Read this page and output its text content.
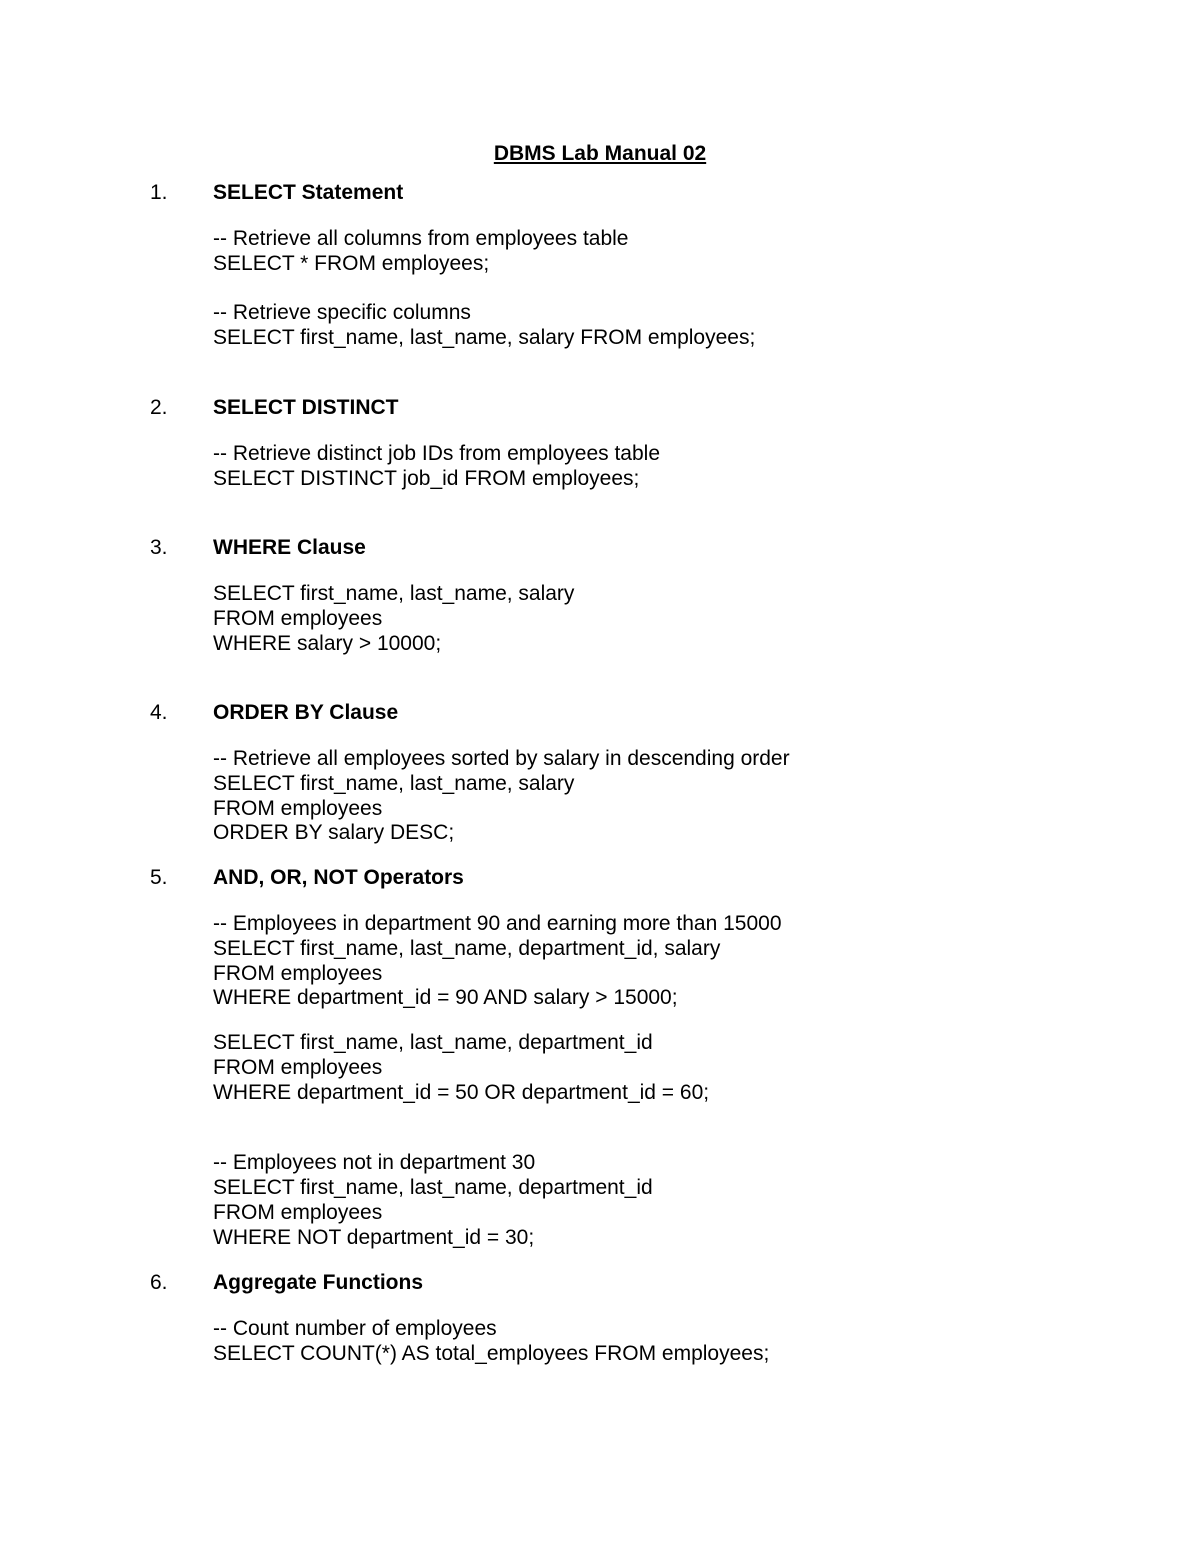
DBMS Lab Manual 02
1. SELECT Statement
-- Retrieve all columns from employees table
SELECT * FROM employees;
-- Retrieve specific columns
SELECT first_name, last_name, salary FROM employees;
2. SELECT DISTINCT
-- Retrieve distinct job IDs from employees table
SELECT DISTINCT job_id FROM employees;
3. WHERE Clause
SELECT first_name, last_name, salary
FROM employees
WHERE salary > 10000;
4. ORDER BY Clause
-- Retrieve all employees sorted by salary in descending order
SELECT first_name, last_name, salary
FROM employees
ORDER BY salary DESC;
5. AND, OR, NOT Operators
-- Employees in department 90 and earning more than 15000
SELECT first_name, last_name, department_id, salary
FROM employees
WHERE department_id = 90 AND salary > 15000;
SELECT first_name, last_name, department_id
FROM employees
WHERE department_id = 50 OR department_id = 60;
-- Employees not in department 30
SELECT first_name, last_name, department_id
FROM employees
WHERE NOT department_id = 30;
6. Aggregate Functions
-- Count number of employees
SELECT COUNT(*) AS total_employees FROM employees;
